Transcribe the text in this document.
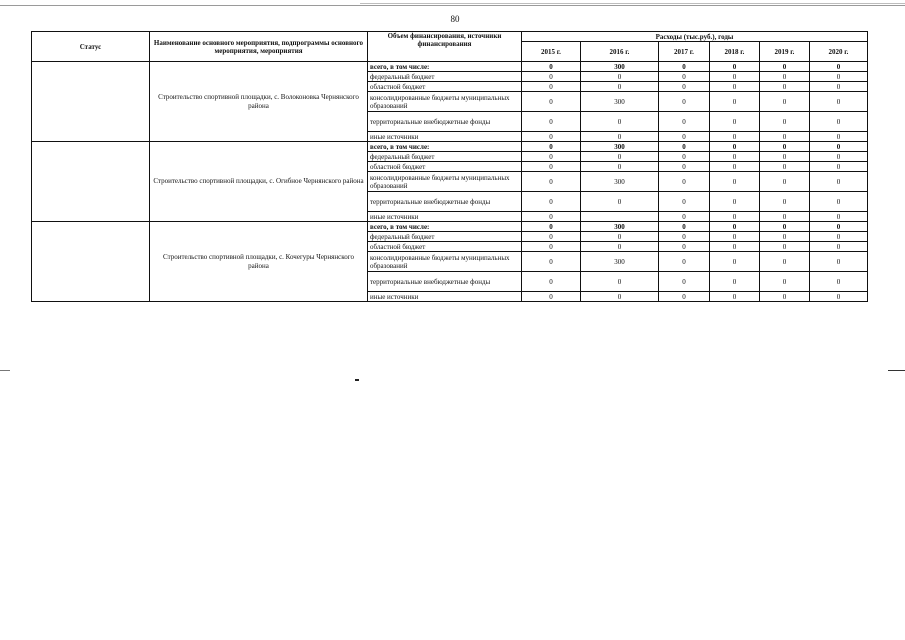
80
Статус	Наименование основного мероприятия, подпрограммы основного мероприятия, мероприятия	Объем финансирования, источники финансирования	Расходы (тыс.руб.), годы					
			2015 г.	2016 г.	2017 г.	2018 г.	2019 г.	2020 г.
	Строительство спортивной площадки, с. Волоконовка Чернянского района	всего, в том числе:	0	300	0	0	0	0
		федеральный бюджет	0	0	0	0	0	0
		областной бюджет	0	0	0	0	0	0
		консолидированные бюджеты муниципальных образований	0	300	0	0	0	0
		территориальные внебюджетные фонды	0	0	0	0	0	0
		иные источники	0	0	0	0	0	0
	Строительство спортивной площадки, с. Огибное Чернянского района	всего, в том числе:	0	300	0	0	0	0
		федеральный бюджет	0	0	0	0	0	0
		областной бюджет	0	0	0	0	0	0
		консолидированные бюджеты муниципальных образований	0	300	0	0	0	0
		территориальные внебюджетные фонды	0	0	0	0	0	0
		иные источники	0		0	0	0	0
	Строительство спортивной площадки, с. Кочегуры Чернянского района	всего, в том числе:	0	300	0	0	0	0
		федеральный бюджет	0	0	0	0	0	0
		областной бюджет	0	0	0	0	0	0
		консолидированные бюджеты муниципальных образований	0	300	0	0	0	0
		территориальные внебюджетные фонды	0	0	0	0	0	0
		иные источники	0	0	0	0	0	0
